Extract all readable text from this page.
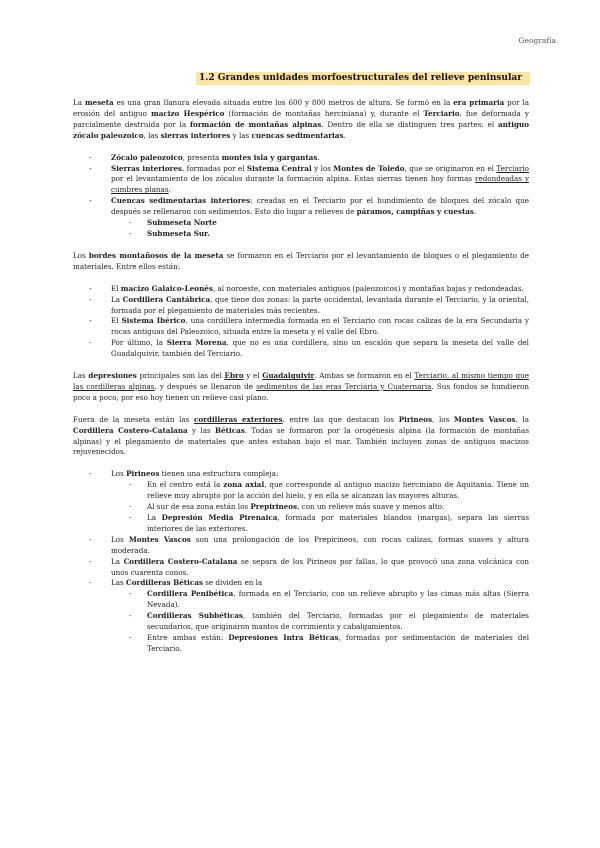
Geografía
1.2 Grandes unidades morfoestructurales del relieve peninsular

La meseta es una gran llanura elevada situada entre los 600 y 800 metros de altura. Se formó en la era primaria por la erosión del antiguo macizo Hespérico (formación de montañas herciniana) y, durante el Terciario, fue deformada y parcialmente destruida por la formación de montañas alpinas. Dentro de ella se distinguen tres partes: el antiguo zócalo paleozoico, las sierras interiores y las cuencas sedimentarias.

- Zócalo paleozoico, presenta montes isla y gargantas.
- Sierras interiores, formadas por el Sistema Central y los Montes de Toledo, que se originaron en el Terciario por el levantamiento de los zócalos durante la formación alpina. Estas sierras tienen hoy formas redondeadas y cumbres planas.
- Cuencas sedimentarias interiores: creadas en el Terciario por el hundimiento de bloques del zócalo que después se rellenaron con sedimentos. Esto dio lugar a relieves de páramos, campiñas y cuestas.
- Submeseta Norte
- Submeseta Sur.

Los bordes montañosos de la meseta se formaron en el Terciario por el levantamiento de bloques o el plegamiento de materiales. Entre ellos están:

- El macizo Galaico-Leonés, al noroeste, con materiales antiguos (paleozoicos) y montañas bajas y redondeadas.
- La Cordillera Cantábrica, que tiene dos zonas: la parte occidental, levantada durante el Terciario, y la oriental, formada por el plegamiento de materiales más recientes.
- El Sistema Ibérico, una cordillera intermedia formada en el Terciario con rocas calizas de la era Secundaria y rocas antiguas del Paleozoico, situada entre la meseta y el valle del Ebro.
- Por último, la Sierra Morena, que no es una cordillera, sino un escalón que separa la meseta del valle del Guadalquivir, también del Terciario.

Las depresiones principales son las del Ebro y el Guadalquivir. Ambas se formaron en el Terciario, al mismo tiempo que las cordilleras alpinas, y después se llenaron de sedimentos de las eras Terciaria y Cuaternaria. Sus fondos se hundieron poco a poco, por eso hoy tienen un relieve casi plano.

Fuera de la meseta están las cordilleras exteriores, entre las que destacan los Pirineos, los Montes Vascos, la Cordillera Costero-Catalana y las Béticas. Todas se formaron por la orogénesis alpina (la formación de montañas alpinas) y el plegamiento de materiales que antes estaban bajo el mar. También incluyen zonas de antiguos macizos rejuvenecidos.

- Los Pirineos tienen una estructura compleja:
- En el centro está la zona axial, que corresponde al antiguo macizo herciniano de Aquitania. Tiene un relieve muy abrupto por la acción del hielo, y en ella se alcanzan las mayores alturas.
- Al sur de esa zona están los Prepirineos, con un relieve más suave y menos alto.
- La Depresión Media Pirenaica, formada por materiales blandos (margas), separa las sierras interiores de las exteriores.
- Los Montes Vascos son una prolongación de los Prepirineos, con rocas calizas, formas suaves y altura moderada.
- La Cordillera Costero-Catalana se separa de los Pirineos por fallas, lo que provocó una zona volcánica con unos cuarenta conos.
- Las Cordilleras Béticas se dividen en la
- Cordillera Penibética, formada en el Terciario, con un relieve abrupto y las cimas más altas (Sierra Nevada).
- Cordilleras Subbéticas, también del Terciario, formadas por el plegamiento de materiales secundarios, que originaron mantos de corrimiento y cabalgamientos.
- Entre ambas están: Depresiones Intra Béticas, formadas por sedimentación de materiales del Terciario.
